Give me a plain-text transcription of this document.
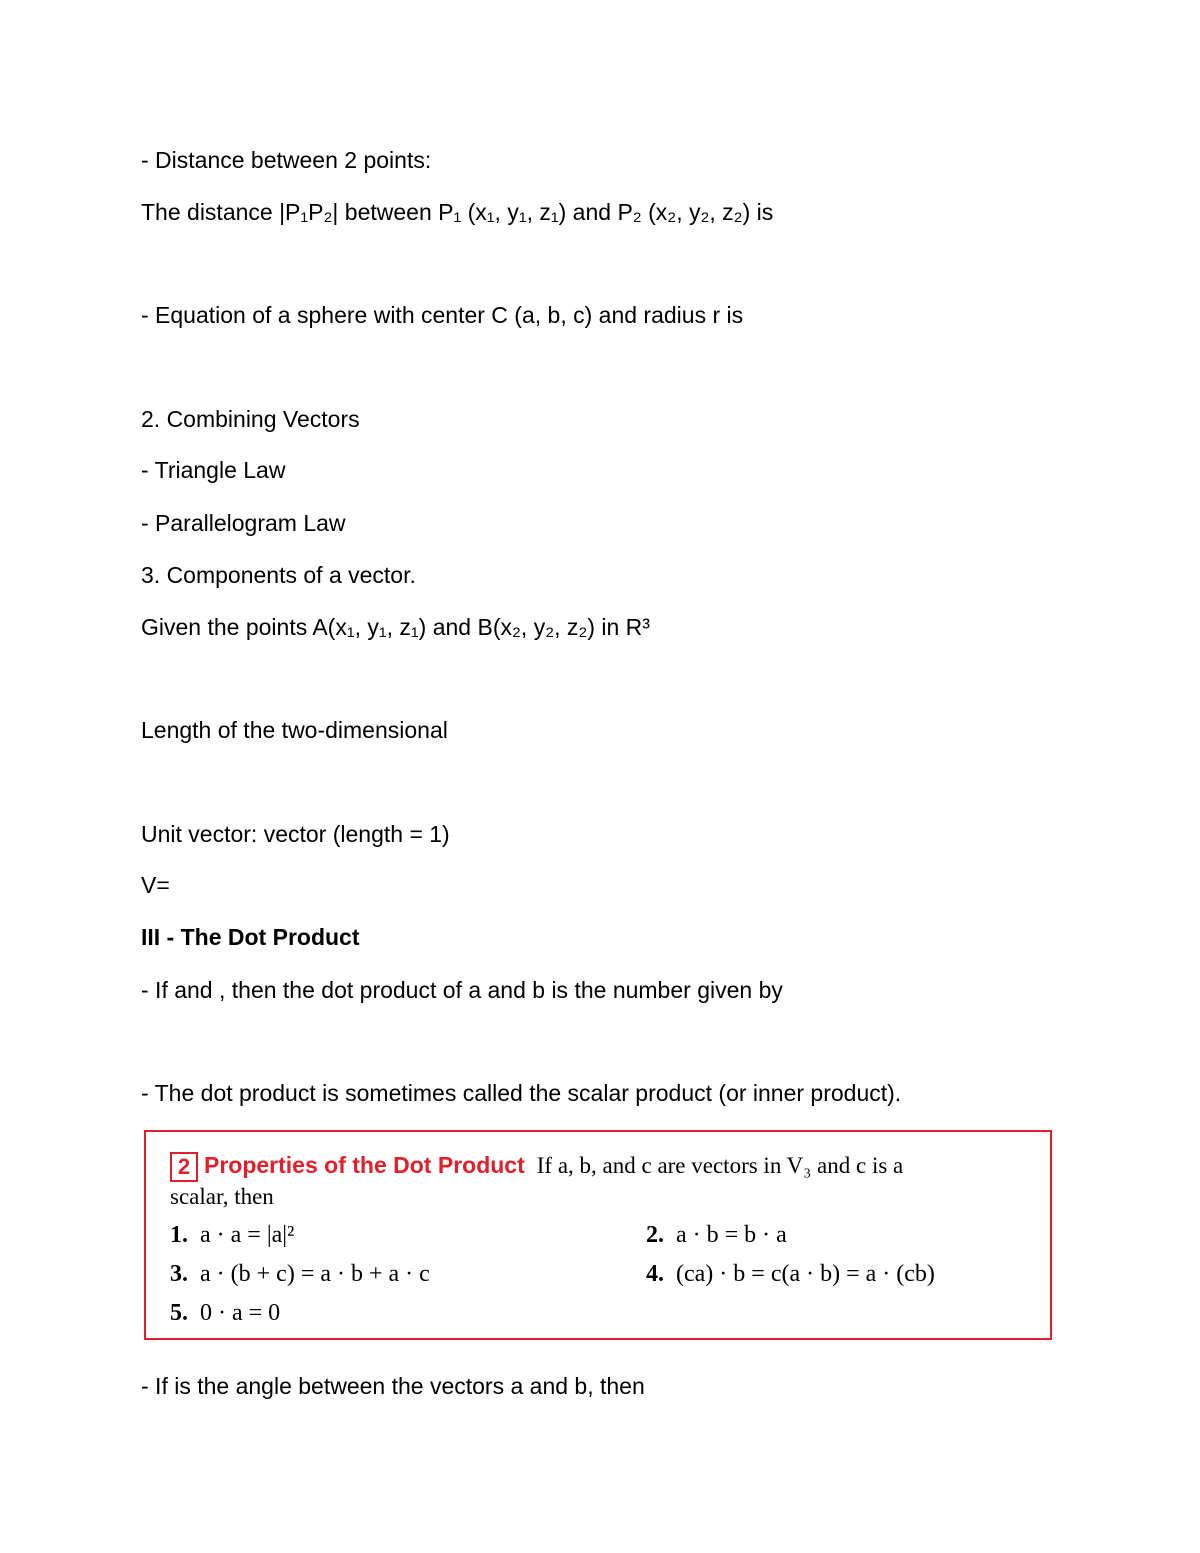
- Distance between 2 points:
The distance |P₁P₂| between P₁ (x₁, y₁, z₁) and P₂ (x₂, y₂, z₂) is
- Equation of a sphere with center C (a, b, c) and radius r is
2. Combining Vectors
- Triangle Law
- Parallelogram Law
3. Components of a vector.
Given the points A(x₁, y₁, z₁) and B(x₂, y₂, z₂) in R³
Length of the two-dimensional
Unit vector: vector (length = 1)
V=
III - The Dot Product
- If and , then the dot product of a and b is the number given by
- The dot product is sometimes called the scalar product (or inner product).
2 Properties of the Dot Product If a, b, and c are vectors in V₃ and c is a
scalar, then
1. a · a = |a|²	2. a · b = b · a
3. a · (b + c) = a · b + a · c	4. (ca) · b = c(a · b) = a · (cb)
5. 0 · a = 0
- If is the angle between the vectors a and b, then
